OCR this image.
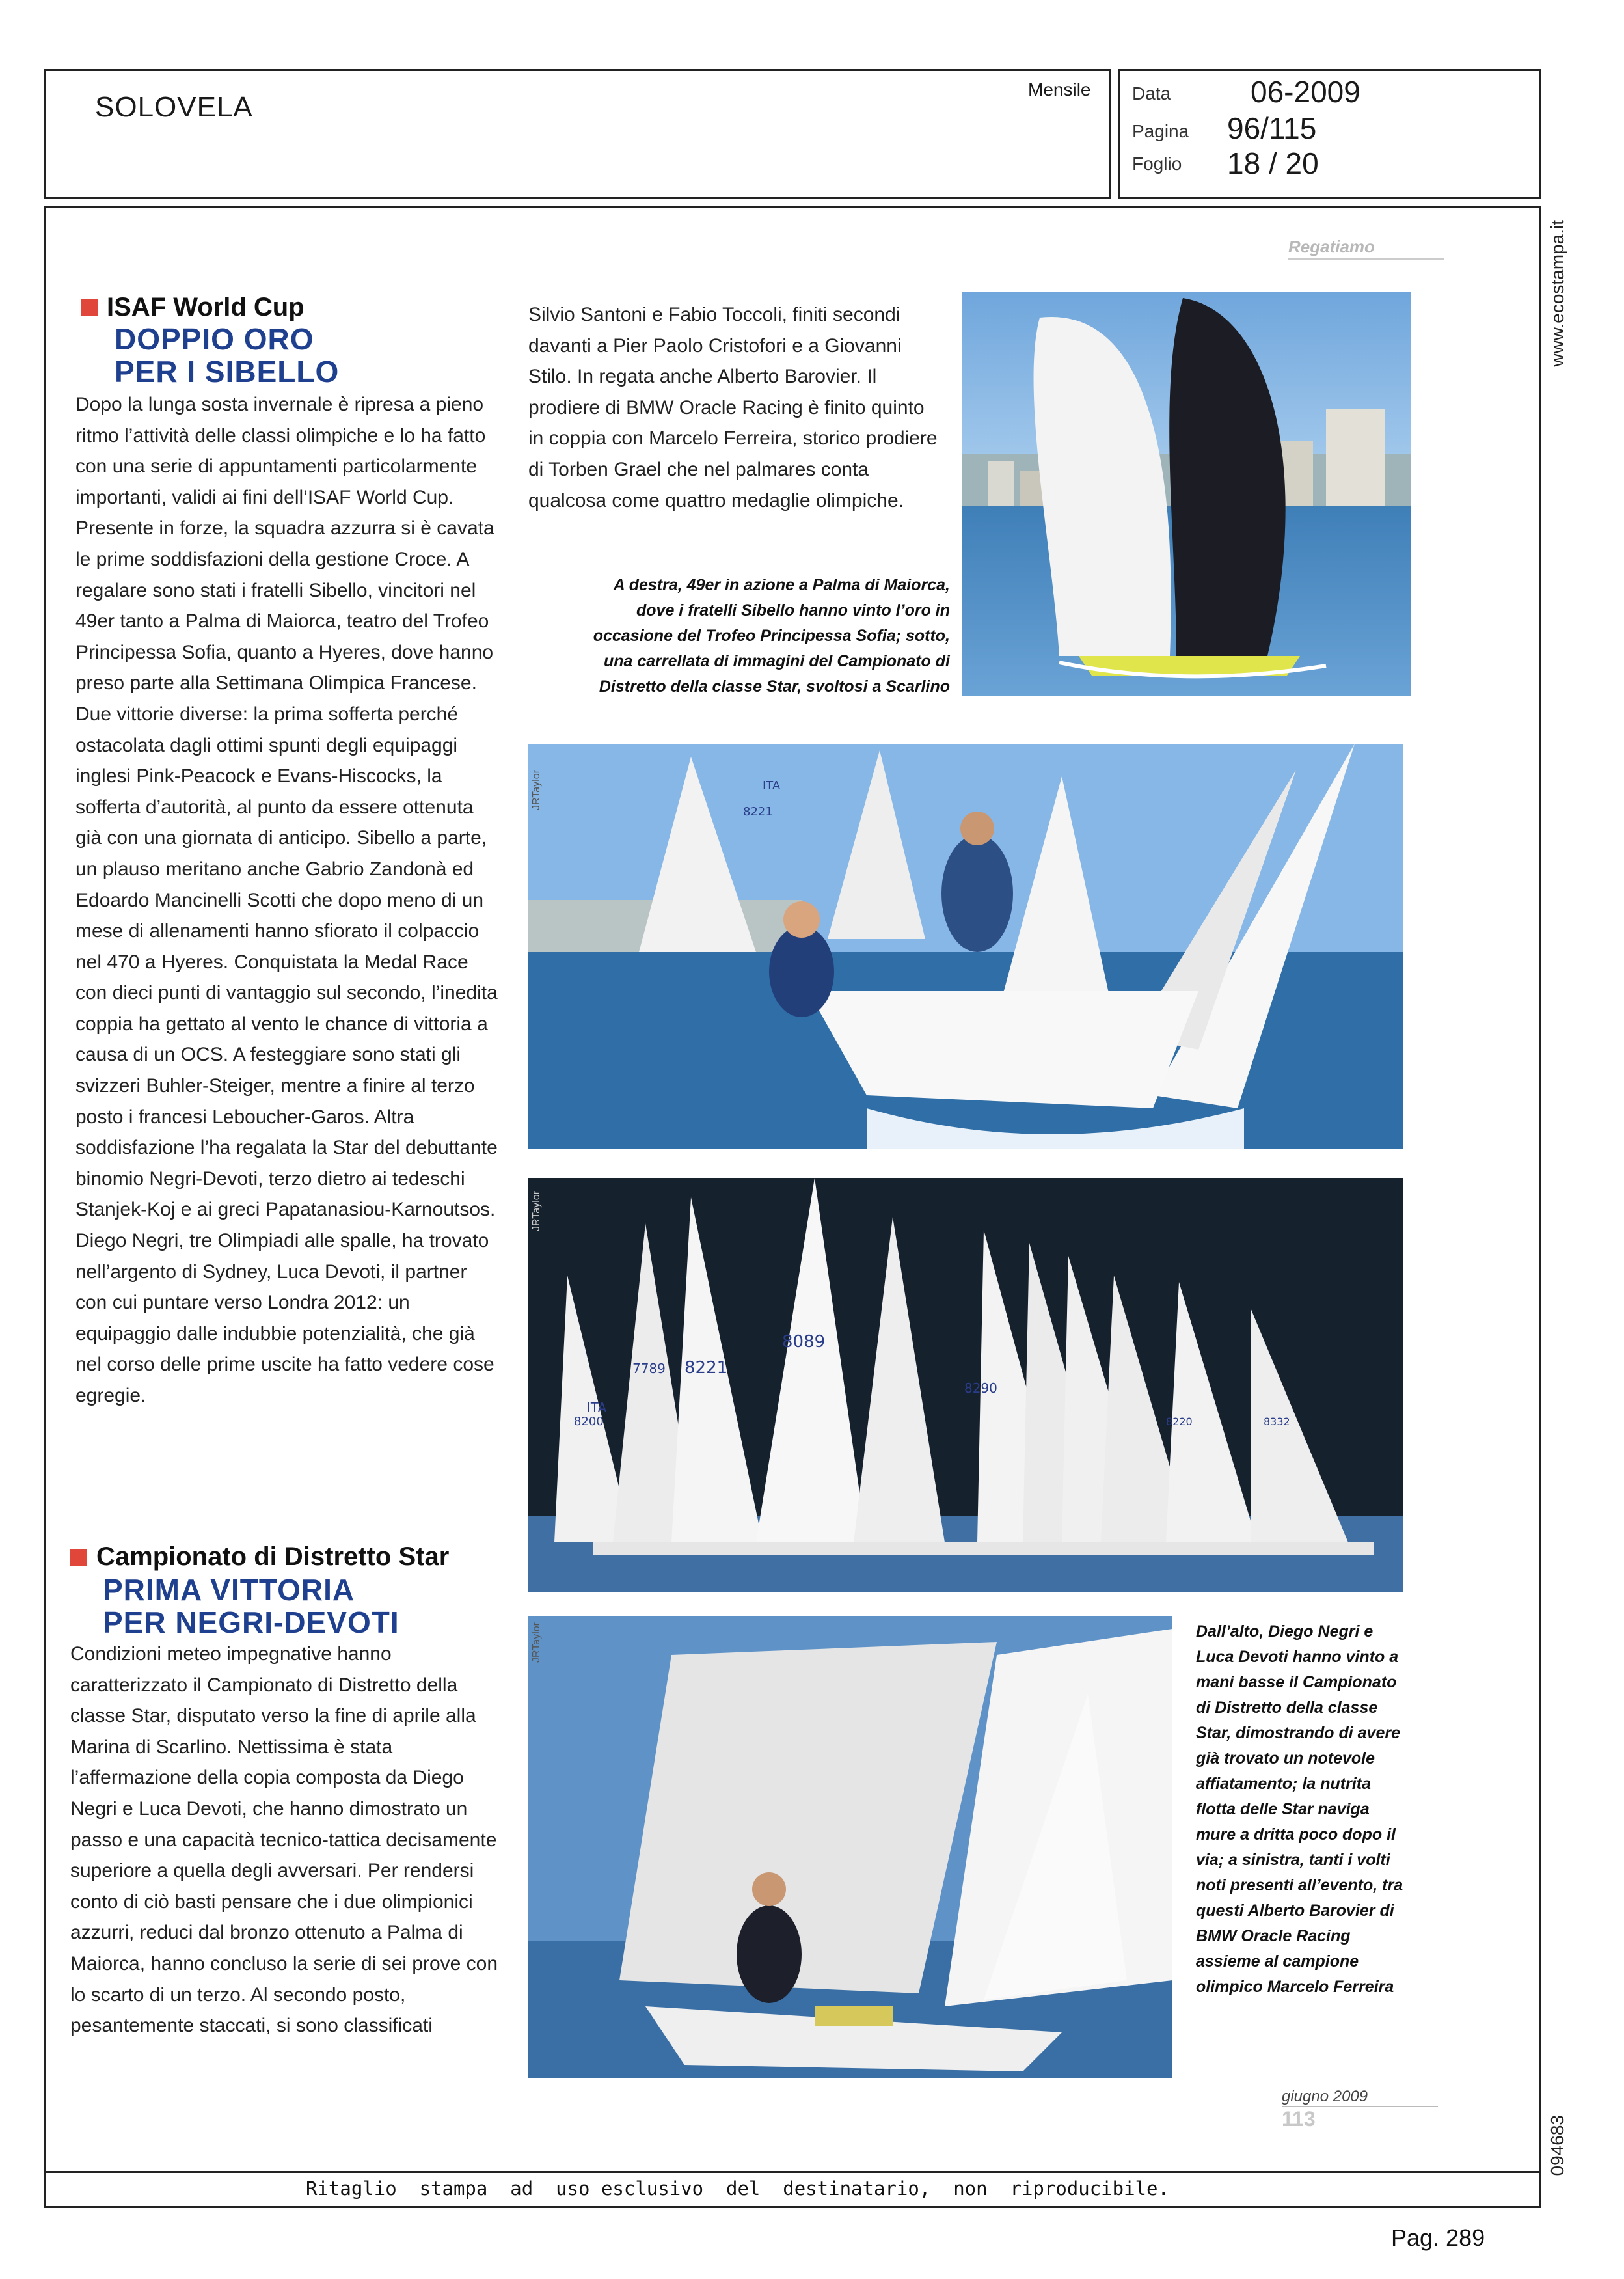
SOLOVELA
Mensile Data	06-2009
Pagina 96/115
Foglio 18 / 20
www.ecostampa.it
094683
Regatiamo
ISAF World Cup
DOPPIO ORO
PER I SIBELLO
Dopo la lunga sosta invernale è ripresa a pieno ritmo l’attività delle classi olimpiche e lo ha fatto con una serie di appuntamenti particolarmente importanti, validi ai fini dell’ISAF World Cup. Presente in forze, la squadra azzurra si è cavata le prime soddisfazioni della gestione Croce. A regalare sono stati i fratelli Sibello, vincitori nel 49er tanto a Palma di Maiorca, teatro del Trofeo Principessa Sofia, quanto a Hyeres, dove hanno preso parte alla Settimana Olimpica Francese. Due vittorie diverse: la prima sofferta perché ostacolata dagli ottimi spunti degli equipaggi inglesi Pink-Peacock e Evans-Hiscocks, la sofferta d’autorità, al punto da essere ottenuta già con una giornata di anticipo. Sibello a parte, un plauso meritano anche Gabrio Zandonà ed Edoardo Mancinelli Scotti che dopo meno di un mese di allenamenti hanno sfiorato il colpaccio nel 470 a Hyeres. Conquistata la Medal Race con dieci punti di vantaggio sul secondo, l’inedita coppia ha gettato al vento le chance di vittoria a causa di un OCS. A festeggiare sono stati gli svizzeri Buhler-Steiger, mentre a finire al terzo posto i francesi Leboucher-Garos. Altra soddisfazione l’ha regalata la Star del debuttante binomio Negri-Devoti, terzo dietro ai tedeschi Stanjek-Koj e ai greci Papatanasiou-Karnoutsos. Diego Negri, tre Olimpiadi alle spalle, ha trovato nell’argento di Sydney, Luca Devoti, il partner con cui puntare verso Londra 2012: un equipaggio dalle indubbie potenzialità, che già nel corso delle prime uscite ha fatto vedere cose egregie.
Silvio Santoni e Fabio Toccoli, finiti secondi davanti a Pier Paolo Cristofori e a Giovanni Stilo. In regata anche Alberto Barovier. Il prodiere di BMW Oracle Racing è finito quinto in coppia con Marcelo Ferreira, storico prodiere di Torben Grael che nel palmares conta qualcosa come quattro medaglie olimpiche.
Campionato di Distretto Star
PRIMA VITTORIA
PER NEGRI-DEVOTI
Condizioni meteo impegnative hanno caratterizzato il Campionato di Distretto della classe Star, disputato verso la fine di aprile alla Marina di Scarlino. Nettissima è stata l’affermazione della copia composta da Diego Negri e Luca Devoti, che hanno dimostrato un passo e una capacità tecnico-tattica decisamente superiore a quella degli avversari. Per rendersi conto di ciò basti pensare che i due olimpionici azzurri, reduci dal bronzo ottenuto a Palma di Maiorca, hanno concluso la serie di sei prove con lo scarto di un terzo. Al secondo posto, pesantemente staccati, si sono classificati
A destra, 49er in azione a Palma di Maiorca, dove i fratelli Sibello hanno vinto l’oro in occasione del Trofeo Principessa Sofia; sotto, una carrellata di immagini del Campionato di Distretto della classe Star, svoltosi a Scarlino
ITA
8221
JRTaylor
ITA
8200
7789 8221
8089
8290
8220	8332
JRTaylor
JRTaylor	Dall’alto, Diego Negri e Luca Devoti hanno vinto a mani basse il Campionato di Distretto della classe Star, dimostrando di avere già trovato un notevole affiatamento; la nutrita flotta delle Star naviga mure a dritta poco dopo il via; a sinistra, tanti i volti noti presenti all’evento, tra questi Alberto Barovier di BMW Oracle Racing assieme al campione olimpico Marcelo Ferreira
giugno 2009
113
Ritaglio  stampa  ad  uso esclusivo  del  destinatario,  non  riproducibile.
Pag. 289
